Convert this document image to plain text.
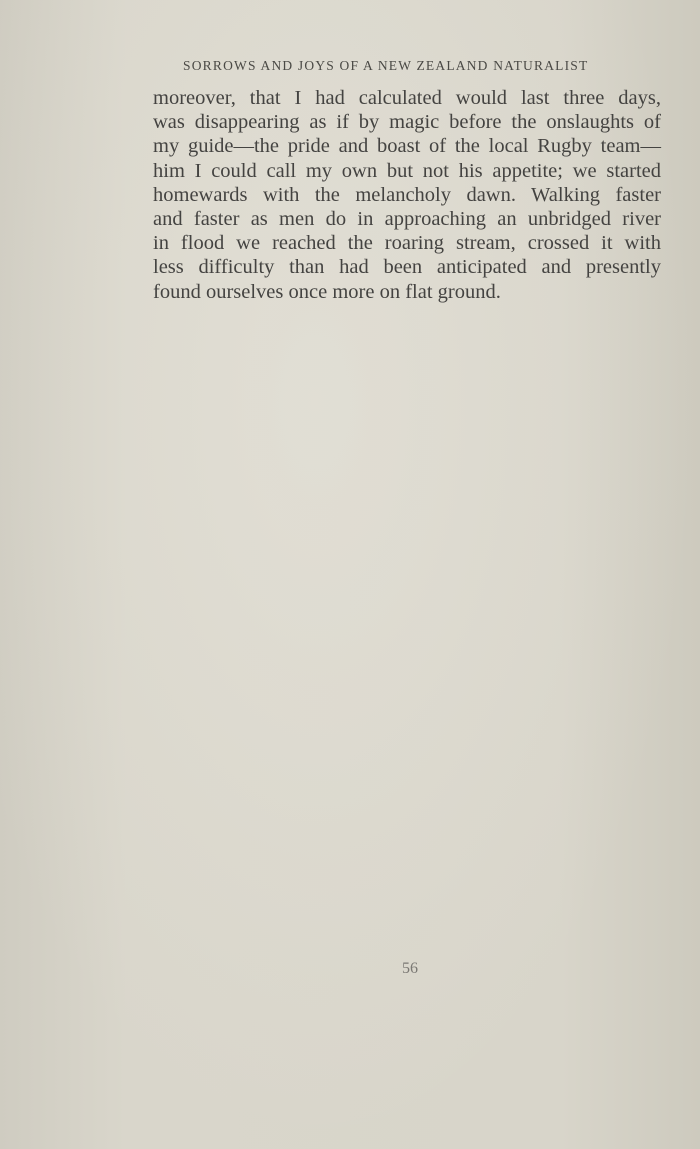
SORROWS AND JOYS OF A NEW ZEALAND NATURALIST
moreover, that I had calculated would last three days,
was disappearing as if by magic before the onslaughts of
my guide—the pride and boast of the local Rugby team—
him I could call my own but not his appetite; we started
homewards with the melancholy dawn. Walking faster
and faster as men do in approaching an unbridged river
in flood we reached the roaring stream, crossed it with
less difficulty than had been anticipated and presently
found ourselves once more on flat ground.
56
